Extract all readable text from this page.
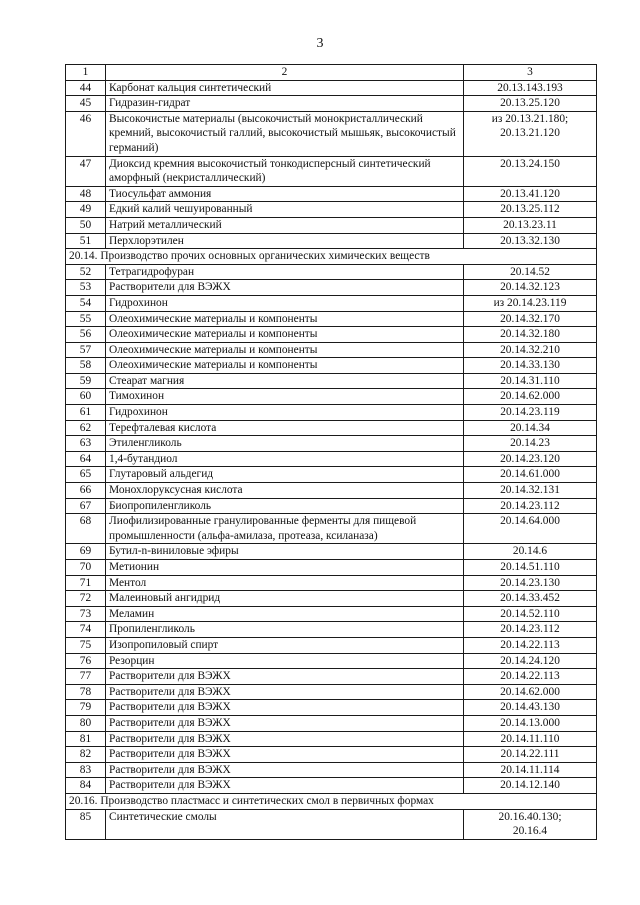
3
1	2	3
44	Карбонат кальция синтетический	20.13.143.193

45	Гидразин-гидрат	20.13.25.120

46	Высокочистые материалы (высокочистый монокристаллический кремний, высокочистый галлий, высокочистый мышьяк, высокочистый германий)	из 20.13.21.180;
20.13.21.120

47	Диоксид кремния высокочистый тонкодисперсный синтетический аморфный (некристаллический)	20.13.24.150

48	Тиосульфат аммония	20.13.41.120

49	Едкий калий чешуированный	20.13.25.112

50	Натрий металлический	20.13.23.11

51	Перхлорэтилен	20.13.32.130

20.14. Производство прочих основных органических химических веществ		
52	Тетрагидрофуран	20.14.52

53	Растворители для ВЭЖХ	20.14.32.123

54	Гидрохинон	из 20.14.23.119

55	Олеохимические материалы и компоненты	20.14.32.170

56	Олеохимические материалы и компоненты	20.14.32.180

57	Олеохимические материалы и компоненты	20.14.32.210

58	Олеохимические материалы и компоненты	20.14.33.130

59	Стеарат магния	20.14.31.110

60	Тимохинон	20.14.62.000

61	Гидрохинон	20.14.23.119

62	Терефталевая кислота	20.14.34

63	Этиленгликоль	20.14.23

64	1,4-бутандиол	20.14.23.120

65	Глутаровый альдегид	20.14.61.000

66	Монохлоруксусная кислота	20.14.32.131

67	Биопропиленгликоль	20.14.23.112

68	Лиофилизированные гранулированные ферменты для пищевой промышленности (альфа-амилаза, протеаза, ксиланаза)	20.14.64.000

69	Бутил-n-виниловые эфиры	20.14.6

70	Метионин	20.14.51.110

71	Ментол	20.14.23.130

72	Малеиновый ангидрид	20.14.33.452

73	Меламин	20.14.52.110

74	Пропиленгликоль	20.14.23.112

75	Изопропиловый спирт	20.14.22.113

76	Резорцин	20.14.24.120

77	Растворители для ВЭЖХ	20.14.22.113

78	Растворители для ВЭЖХ	20.14.62.000

79	Растворители для ВЭЖХ	20.14.43.130

80	Растворители для ВЭЖХ	20.14.13.000

81	Растворители для ВЭЖХ	20.14.11.110

82	Растворители для ВЭЖХ	20.14.22.111

83	Растворители для ВЭЖХ	20.14.11.114

84	Растворители для ВЭЖХ	20.14.12.140

20.16. Производство пластмасс и синтетических смол в первичных формах		
85	Синтетические смолы	20.16.40.130;
20.16.4
